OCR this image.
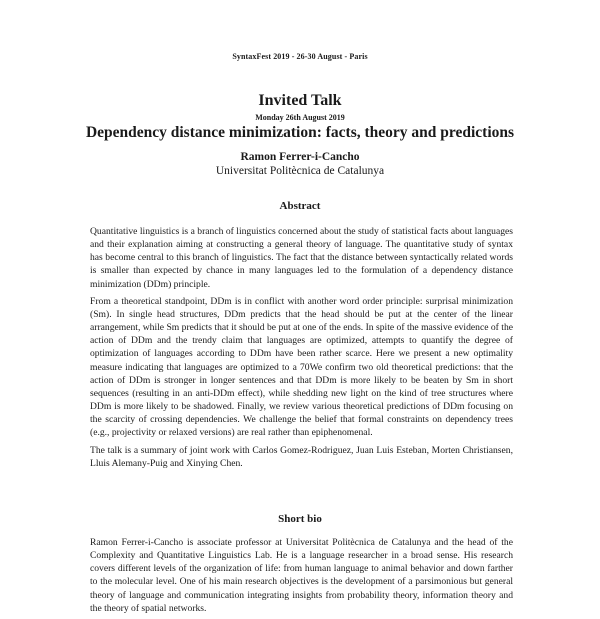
SyntaxFest 2019 - 26-30 August - Paris
Invited Talk
Monday 26th August 2019
Dependency distance minimization: facts, theory and predictions
Ramon Ferrer-i-Cancho
Universitat Politècnica de Catalunya
Abstract

Quantitative linguistics is a branch of linguistics concerned about the study of statistical facts about languages and their explanation aiming at constructing a general theory of language. The quantitative study of syntax has become central to this branch of linguistics. The fact that the distance between syntactically related words is smaller than expected by chance in many languages led to the formulation of a dependency distance minimization (DDm) principle.

From a theoretical standpoint, DDm is in conflict with another word order principle: surprisal minimization (Sm). In single head structures, DDm predicts that the head should be put at the center of the linear arrangement, while Sm predicts that it should be put at one of the ends. In spite of the massive evidence of the action of DDm and the trendy claim that languages are optimized, attempts to quantify the degree of optimization of languages according to DDm have been rather scarce. Here we present a new optimality measure indicating that languages are optimized to a 70We confirm two old theoretical predictions: that the action of DDm is stronger in longer sentences and that DDm is more likely to be beaten by Sm in short sequences (resulting in an anti-DDm effect), while shedding new light on the kind of tree structures where DDm is more likely to be shadowed. Finally, we review various theoretical predictions of DDm focusing on the scarcity of crossing dependencies. We challenge the belief that formal constraints on dependency trees (e.g., projectivity or relaxed versions) are real rather than epiphenomenal.

The talk is a summary of joint work with Carlos Gomez-Rodriguez, Juan Luis Esteban, Morten Christiansen, Lluis Alemany-Puig and Xinying Chen.

Short bio

Ramon Ferrer-i-Cancho is associate professor at Universitat Politècnica de Catalunya and the head of the Complexity and Quantitative Linguistics Lab. He is a language researcher in a broad sense. His research covers different levels of the organization of life: from human language to animal behavior and down farther to the molecular level. One of his main research objectives is the development of a parsimonious but general theory of language and communication integrating insights from probability theory, information theory and the theory of spatial networks.
